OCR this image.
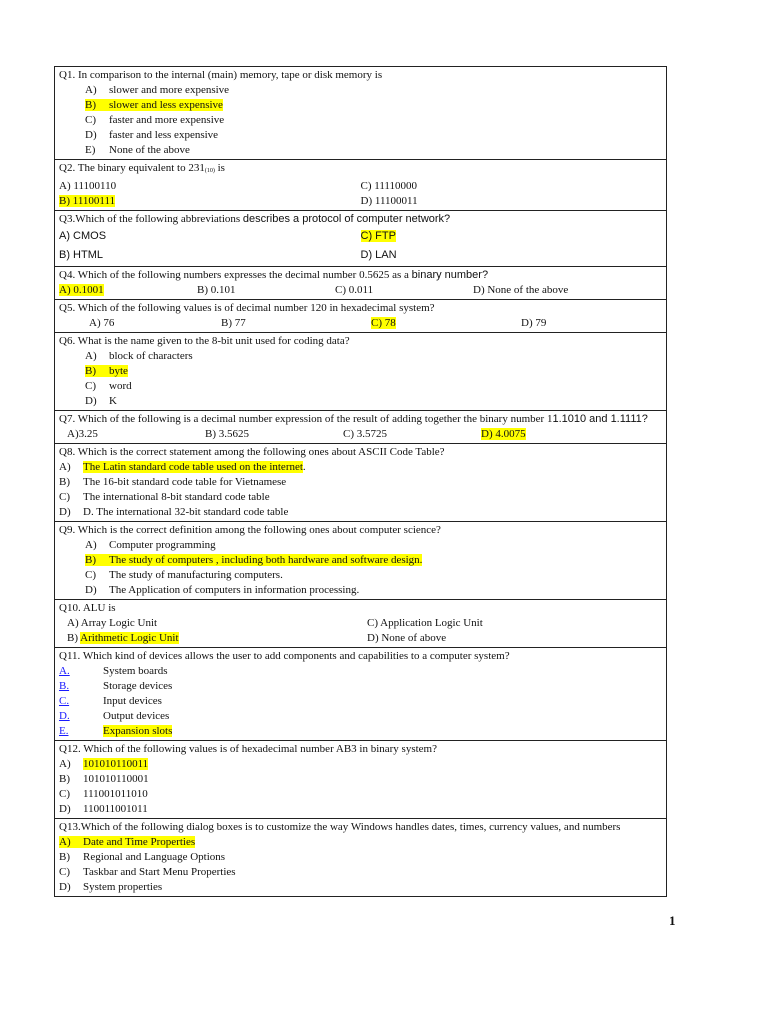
Q1. In comparison to the internal (main) memory, tape or disk memory is
A) slower and more expensive
B) slower and less expensive
C) faster and more expensive
D) faster and less expensive
E) None of the above
Q2. The binary equivalent to 231(10) is
A) 11100110	C) 11110000
B) 11100111	D) 11100011
Q3.Which of the following abbreviations describes a protocol of computer network?
A) CMOS	C) FTP
B) HTML	D) LAN
Q4. Which of the following numbers expresses the decimal number 0.5625 as a binary number?
A) 0.1001	B) 0.101	C) 0.011	D) None of the above
Q5. Which of the following values is of decimal number 120 in hexadecimal system?
A) 76	B) 77	C) 78	D) 79
Q6. What is the name given to the 8-bit unit used for coding data?
A) block of characters
B) byte
C) word
D) K
Q7. Which of the following is a decimal number expression of the result of adding together the binary number 11.1010 and 1.1111?
A)3.25	B) 3.5625	C) 3.5725	D) 4.0075
Q8. Which is the correct statement among the following ones about ASCII Code Table?
A) The Latin standard code table used on the internet.
B) The 16-bit standard code table for Vietnamese
C) The international 8-bit standard code table
D) D. The international 32-bit standard code table
Q9. Which is the correct definition among the following ones about computer science?
A) Computer programming
B) The study of computers , including both hardware and software design.
C) The study of manufacturing computers.
D) The Application of computers in information processing.
Q10. ALU is
A) Array Logic Unit	C) Application Logic Unit
B) Arithmetic Logic Unit	D) None of above
Q11. Which kind of devices allows the user to add components and capabilities to a computer system?
A.	System boards
B.	Storage devices
C.	Input devices
D.	Output devices
E.	Expansion slots
Q12. Which of the following values is of hexadecimal number AB3 in binary system?
A) 101010110011
B) 101010110001
C) 111001011010
D) 110011001011
Q13.Which of the following dialog boxes is to customize the way Windows handles dates, times, currency values, and numbers
A) Date and Time Properties
B) Regional and Language Options
C) Taskbar and Start Menu Properties
D) System properties
1
